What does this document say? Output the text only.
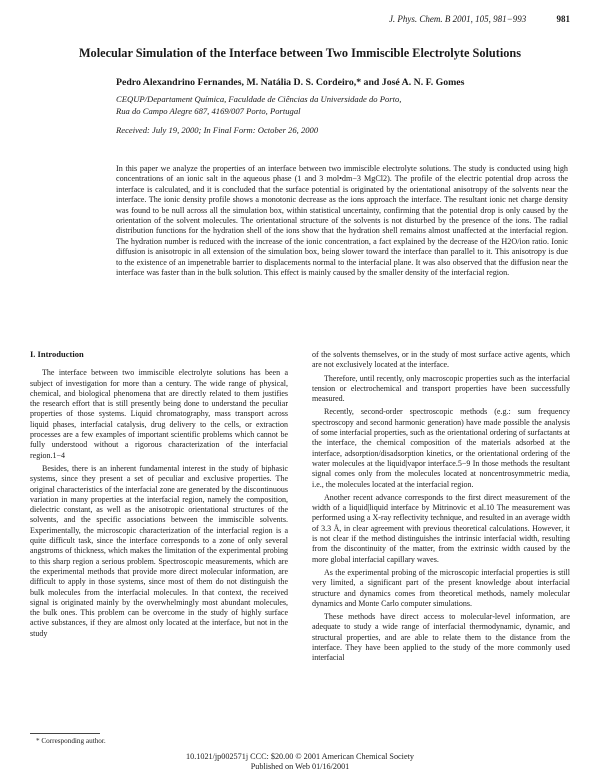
J. Phys. Chem. B 2001, 105, 981−993	981
Molecular Simulation of the Interface between Two Immiscible Electrolyte Solutions
Pedro Alexandrino Fernandes, M. Natália D. S. Cordeiro,* and José A. N. F. Gomes
CEQUP/Departament Química, Faculdade de Ciências da Universidade do Porto,
Rua do Campo Alegre 687, 4169/007 Porto, Portugal
Received: July 19, 2000; In Final Form: October 26, 2000

In this paper we analyze the properties of an interface between two immiscible electrolyte solutions. The study is conducted using high concentrations of an ionic salt in the aqueous phase (1 and 3 mol•dm−3 MgCl2). The profile of the electric potential drop across the interface is calculated, and it is concluded that the surface potential is originated by the orientational anisotropy of the solvents near the interface. The ionic density profile shows a monotonic decrease as the ions approach the interface. The resultant ionic net charge density was found to be null across all the simulation box, within statistical uncertainty, confirming that the potential drop is only caused by the orientation of the solvent molecules. The orientational structure of the solvents is not disturbed by the presence of the ions. The radial distribution functions for the hydration shell of the ions show that the hydration shell remains almost unaffected at the interfacial region. The hydration number is reduced with the increase of the ionic concentration, a fact explained by the decrease of the H2O/ion ratio. Ionic diffusion is anisotropic in all extension of the simulation box, being slower toward the interface than parallel to it. This anisotropy is due to the existence of an impenetrable barrier to displacements normal to the interfacial plane. It was also observed that the diffusion near the interface was faster than in the bulk solution. This effect is mainly caused by the smaller density of the interfacial region.

I. Introduction

The interface between two immiscible electrolyte solutions has been a subject of investigation for more than a century. The wide range of physical, chemical, and biological phenomena that are directly related to them justifies the research effort that is still presently being done to understand the peculiar properties of those systems. Liquid chromatography, mass transport across liquid phases, interfacial catalysis, drug delivery to the cells, or extraction processes are a few examples of important scientific problems which cannot be fully understood without a rigorous characterization of the interfacial region.1−4

Besides, there is an inherent fundamental interest in the study of biphasic systems, since they present a set of peculiar and exclusive properties. The original characteristics of the interfacial zone are generated by the discontinuous variation in many properties at the interfacial region, namely the composition, dielectric constant, as well as the anisotropic orientational structures of the solvents, and the specific associations between the immiscible solvents. Experimentally, the microscopic characterization of the interfacial region is a quite difficult task, since the interface corresponds to a zone of only several angstroms of thickness, which makes the limitation of the experimental probing to this sharp region a serious problem. Spectroscopic measurements, which are the experimental methods that provide more direct molecular information, are difficult to apply in those systems, since most of them do not distinguish the bulk molecules from the interfacial molecules. In that context, the received signal is originated mainly by the overwhelmingly most abundant molecules, the bulk ones. This problem can be overcome in the study of highly surface active substances, if they are almost only located at the interface, but not in the study

of the solvents themselves, or in the study of most surface active agents, which are not exclusively located at the interface.

Therefore, until recently, only macroscopic properties such as the interfacial tension or electrochemical and transport properties have been successfully measured.

Recently, second-order spectroscopic methods (e.g.: sum frequency spectroscopy and second harmonic generation) have made possible the analysis of some interfacial properties, such as the orientational ordering of surfactants at the interface, the chemical composition of the materials adsorbed at the interface, adsorption/disadsorption kinetics, or the orientational ordering of the water molecules at the liquid|vapor interface.5−9 In those methods the resultant signal comes only from the molecules located at noncentrosymmetric media, i.e., the molecules located at the interfacial region.

Another recent advance corresponds to the first direct measurement of the width of a liquid|liquid interface by Mitrinovic et al.10 The measurement was performed using a X-ray reflectivity technique, and resulted in an average width of 3.3 Å, in clear agreement with previous theoretical calculations. However, it is not clear if the method distinguishes the intrinsic interfacial width, resulting from the discontinuity of the matter, from the extrinsic width caused by the more global interfacial capillary waves.

As the experimental probing of the microscopic interfacial properties is still very limited, a significant part of the present knowledge about interfacial structure and dynamics comes from theoretical methods, namely molecular dynamics and Monte Carlo computer simulations.

These methods have direct access to molecular-level information, are adequate to study a wide range of interfacial thermodynamic, dynamic, and structural properties, and are able to relate them to the distance from the interface. They have been applied to the study of the more commonly used interfacial

* Corresponding author.
10.1021/jp002571j CCC: $20.00 © 2001 American Chemical Society
Published on Web 01/16/2001
